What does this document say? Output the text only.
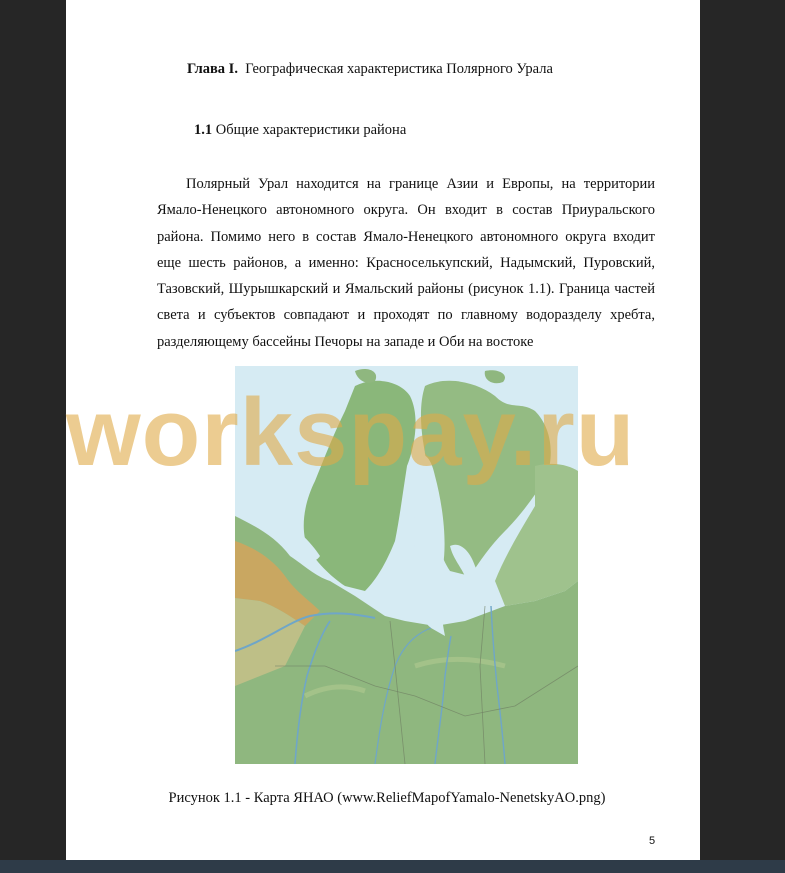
Глава I. Географическая характеристика Полярного Урала
1.1 Общие характеристики района
Полярный Урал находится на границе Азии и Европы, на территории Ямало-Ненецкого автономного округа. Он входит в состав Приуральского района. Помимо него в состав Ямало-Ненецкого автономного округа входит еще шесть районов, а именно: Красноселькупский, Надымский, Пуровский, Тазовский, Шурышкарский и Ямальский районы (рисунок 1.1). Граница частей света и субъектов совпадают и проходят по главному водоразделу хребта, разделяющему бассейны Печоры на западе и Оби на востоке
Рисунок 1.1 - Карта ЯНАО (www.ReliefMapofYamalo-NenetskyAO.png)
5
workspay.ru
